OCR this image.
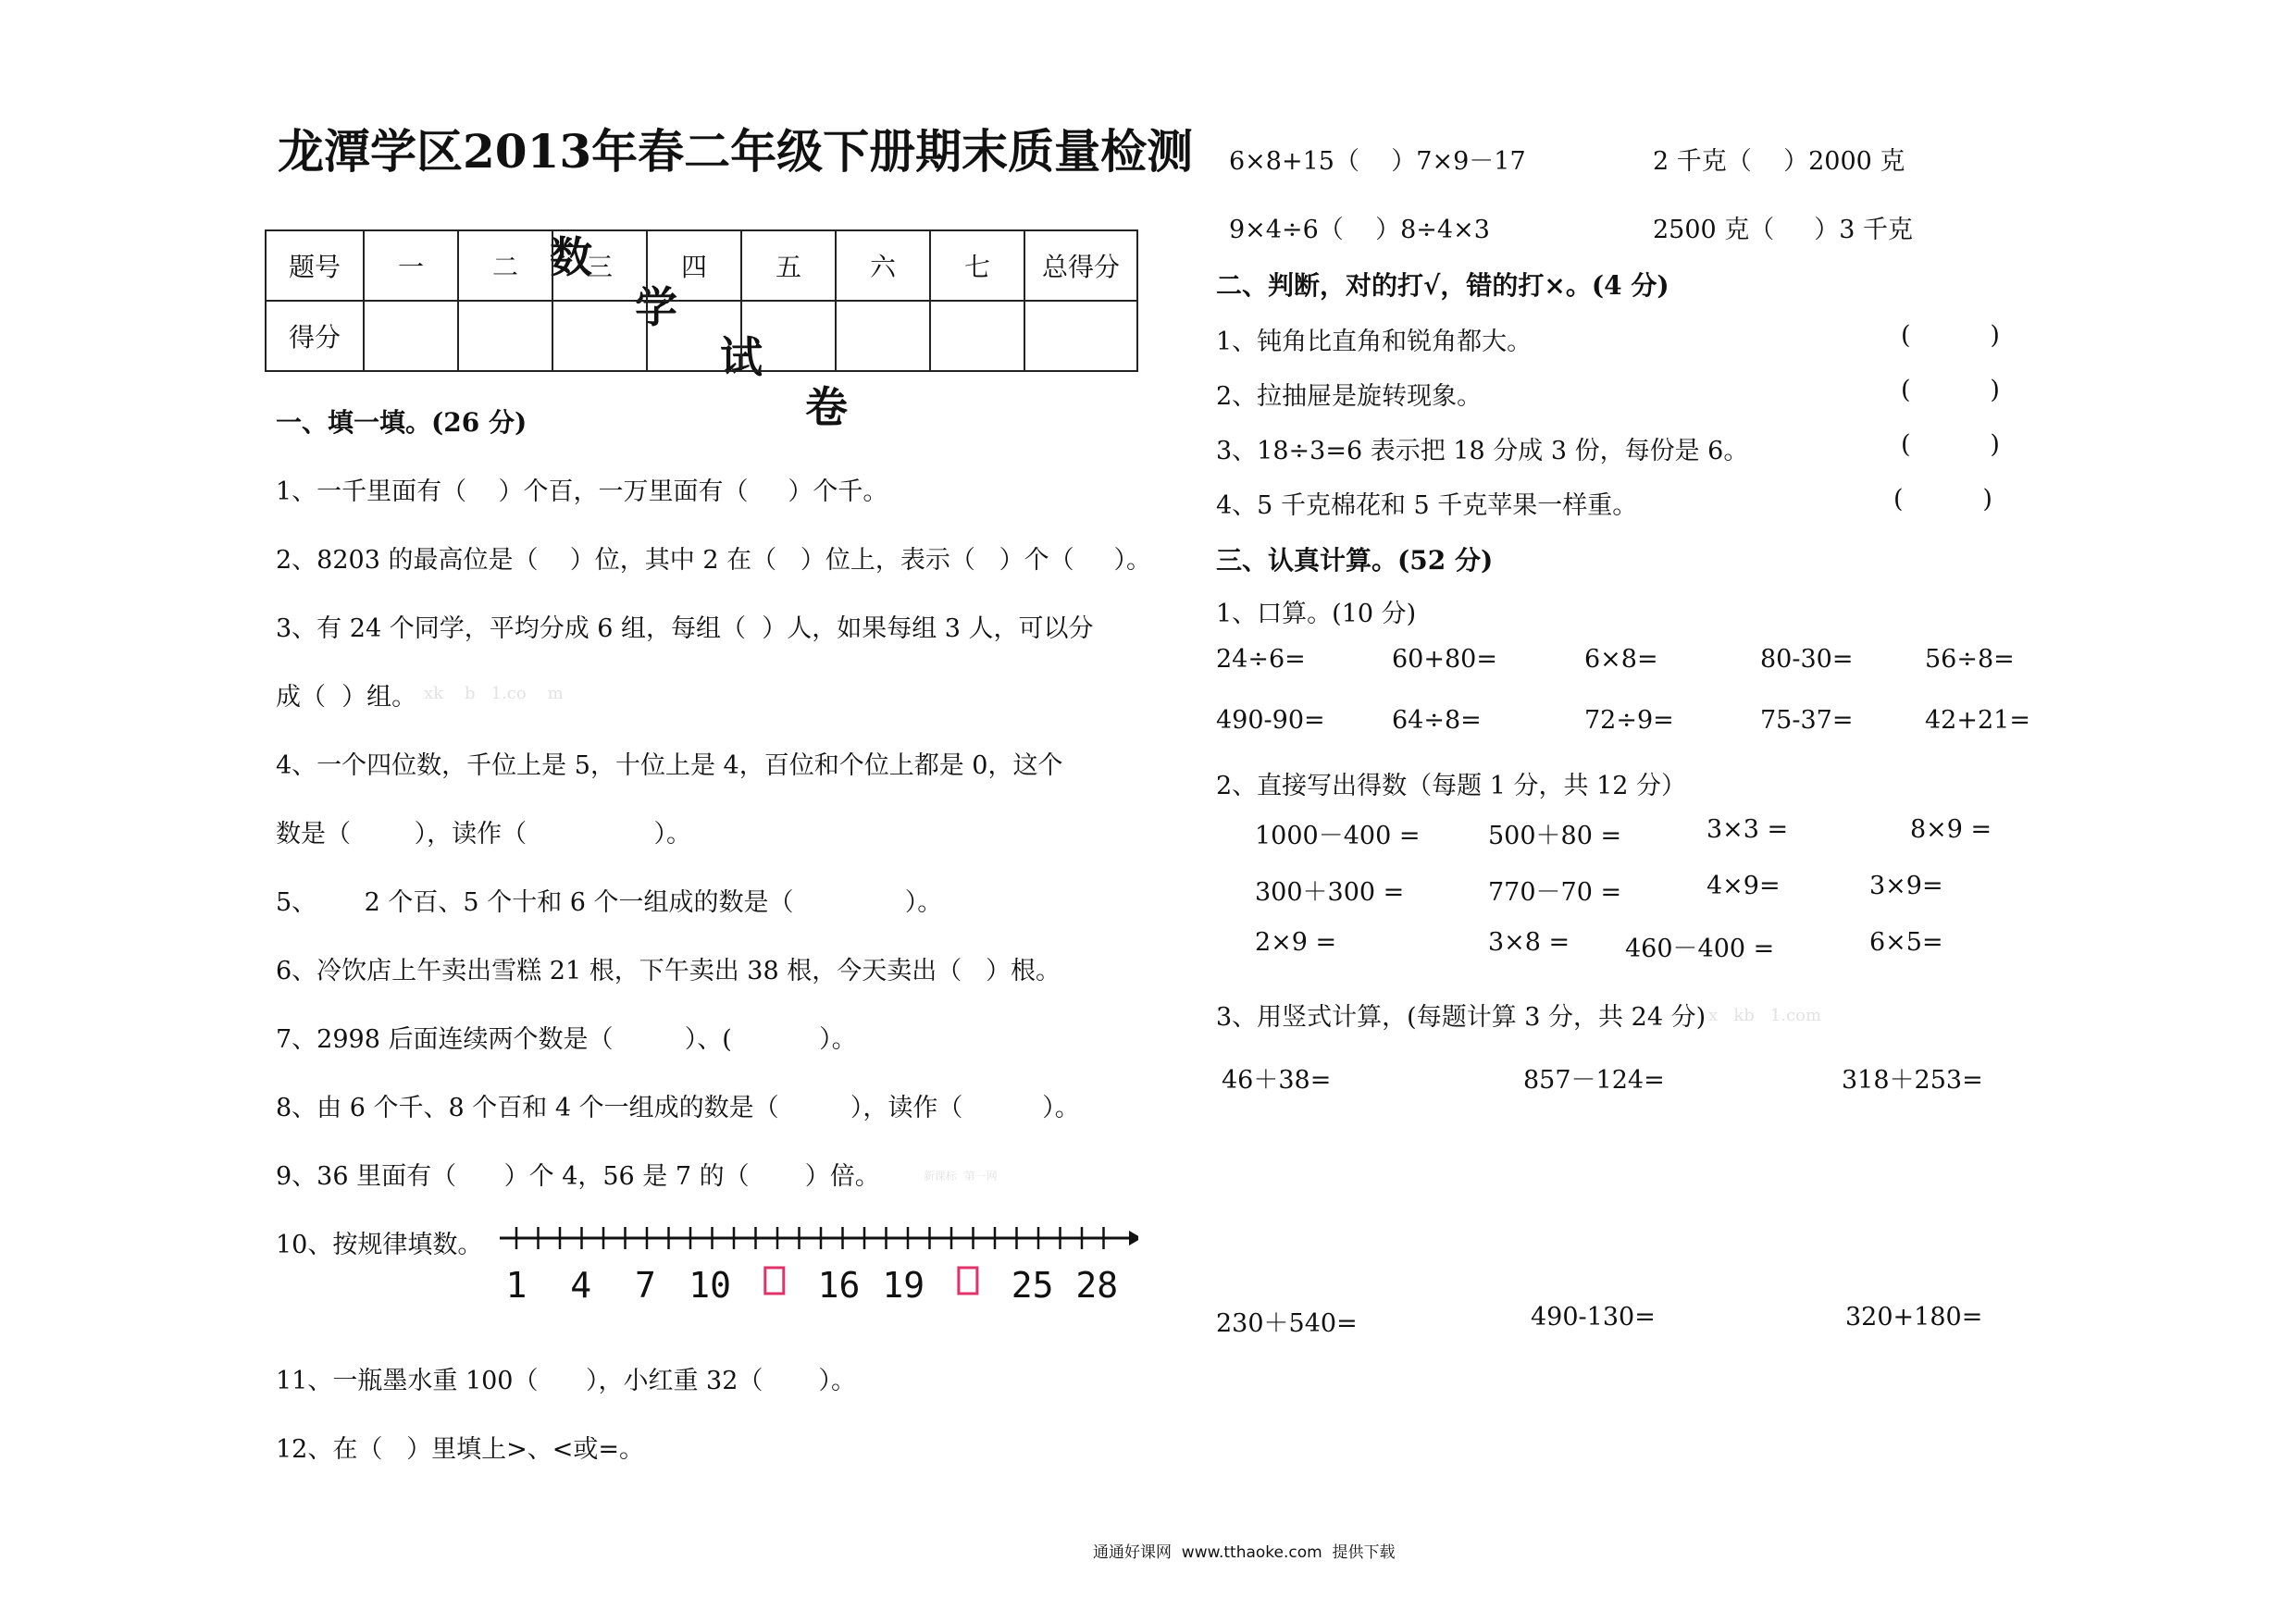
龙潭学区2013年春二年级下册期末质量检测

数

学

试

卷

题号	一	二	三	四	五	六	七	总得分
得分								
一、填一填。(26 分)
1、一千里面有（    ）个百，一万里面有（     ）个千。
2、8203 的最高位是（    ）位，其中 2 在（   ）位上，表示（   ）个（     ）。
3、有 24 个同学，平均分成 6 组，每组（  ）人，如果每组 3 人，可以分
成（  ）组。 xk    b   1.co    m
4、一个四位数，千位上是 5，十位上是 4，百位和个位上都是 0，这个
数是（        ），读作（                ）。
5、      2 个百、5 个十和 6 个一组成的数是（              ）。
6、冷饮店上午卖出雪糕 21 根，下午卖出 38 根，今天卖出（   ）根。
7、2998 后面连续两个数是（         ）、(           ）。
8、由 6 个千、8 个百和 4 个一组成的数是（         ），读作（          ）。
9、36 里面有（      ）个 4，56 是 7 的（       ）倍。	新课标  第一网
10、按规律填数。
1 4 7 10 16 19 25 28
11、一瓶墨水重 100（      ），小红重 32（       ）。
12、在（   ）里填上>、<或=。
6×8+15（    ）7×9－17	2 千克（    ）2000 克
9×4÷6（    ）8÷4×3	2500 克（     ）3 千克
二、判断，对的打√，错的打×。(4 分)
1、钝角比直角和锐角都大。	(          )
2、拉抽屉是旋转现象。	(          )
3、18÷3=6 表示把 18 分成 3 份，每份是 6。	(          )
4、5 千克棉花和 5 千克苹果一样重。	(          )
三、认真计算。(52 分)
1、口算。(10 分)
24÷6=	60+80=	6×8=	80-30=	56÷8=
490-90=	64÷8=	72÷9=	75-37=	42+21=
2、直接写出得数（每题 1 分，共 12 分）
1000－400 =	500＋80 =	3×3 =	8×9 =
300＋300 =	770－70 =	4×9=	3×9=
2×9 =	3×8 = 460－400 =	6×5=
3、用竖式计算，(每题计算 3 分，共 24 分) x   kb   1.com
46＋38=	857－124=	318＋253=
230＋540=	490-130=	320+180=
通通好课网  www.tthaoke.com  提供下载
